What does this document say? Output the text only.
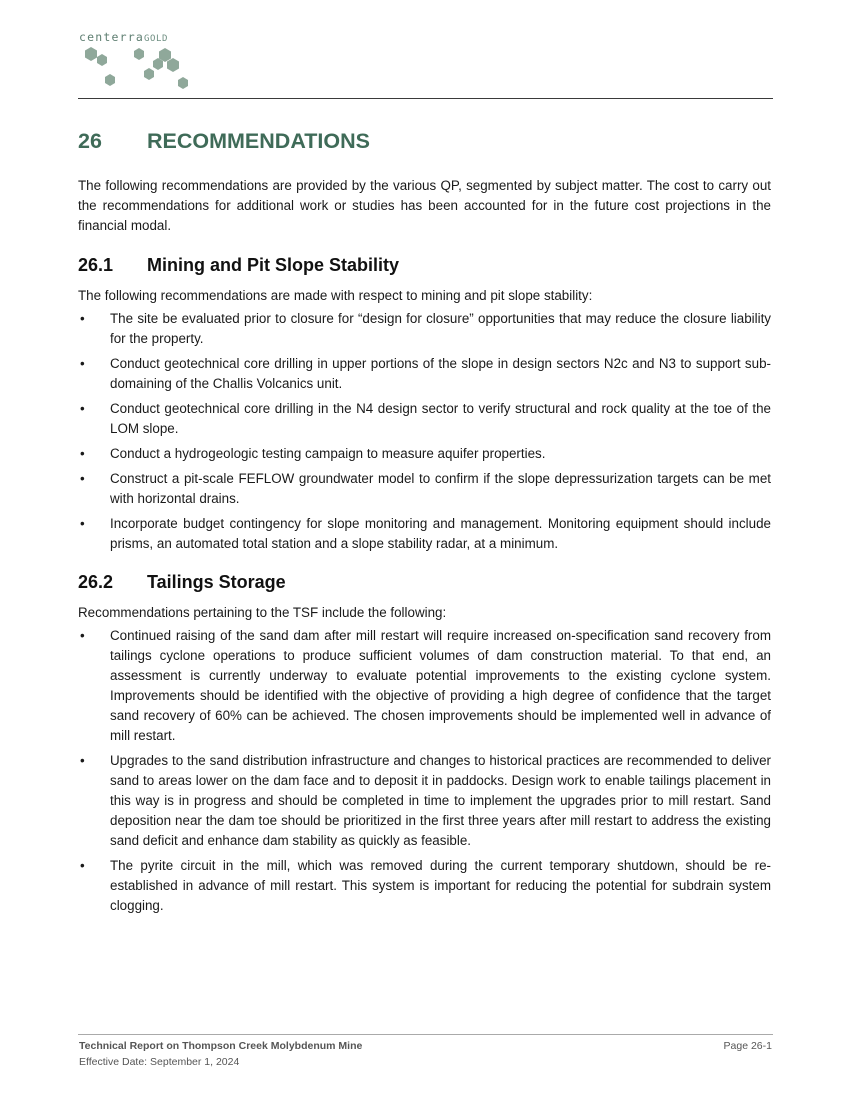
centerraGOLD
26	RECOMMENDATIONS

The following recommendations are provided by the various QP, segmented by subject matter. The cost to carry out the recommendations for additional work or studies has been accounted for in the future cost projections in the financial modal.

26.1	Mining and Pit Slope Stability

The following recommendations are made with respect to mining and pit slope stability:

• The site be evaluated prior to closure for “design for closure” opportunities that may reduce the closure liability for the property.
• Conduct geotechnical core drilling in upper portions of the slope in design sectors N2c and N3 to support sub-domaining of the Challis Volcanics unit.
• Conduct geotechnical core drilling in the N4 design sector to verify structural and rock quality at the toe of the LOM slope.
• Conduct a hydrogeologic testing campaign to measure aquifer properties.
• Construct a pit-scale FEFLOW groundwater model to confirm if the slope depressurization targets can be met with horizontal drains.
• Incorporate budget contingency for slope monitoring and management. Monitoring equipment should include prisms, an automated total station and a slope stability radar, at a minimum.
26.2	Tailings Storage

Recommendations pertaining to the TSF include the following:

• Continued raising of the sand dam after mill restart will require increased on-specification sand recovery from tailings cyclone operations to produce sufficient volumes of dam construction material. To that end, an assessment is currently underway to evaluate potential improvements to the existing cyclone system. Improvements should be identified with the objective of providing a high degree of confidence that the target sand recovery of 60% can be achieved. The chosen improvements should be implemented well in advance of mill restart.
• Upgrades to the sand distribution infrastructure and changes to historical practices are recommended to deliver sand to areas lower on the dam face and to deposit it in paddocks. Design work to enable tailings placement in this way is in progress and should be completed in time to implement the upgrades prior to mill restart. Sand deposition near the dam toe should be prioritized in the first three years after mill restart to address the existing sand deficit and enhance dam stability as quickly as feasible.
• The pyrite circuit in the mill, which was removed during the current temporary shutdown, should be re-established in advance of mill restart. This system is important for reducing the potential for subdrain system clogging.
Technical Report on Thompson Creek Molybdenum Mine
Effective Date: September 1, 2024
Page 26-1
